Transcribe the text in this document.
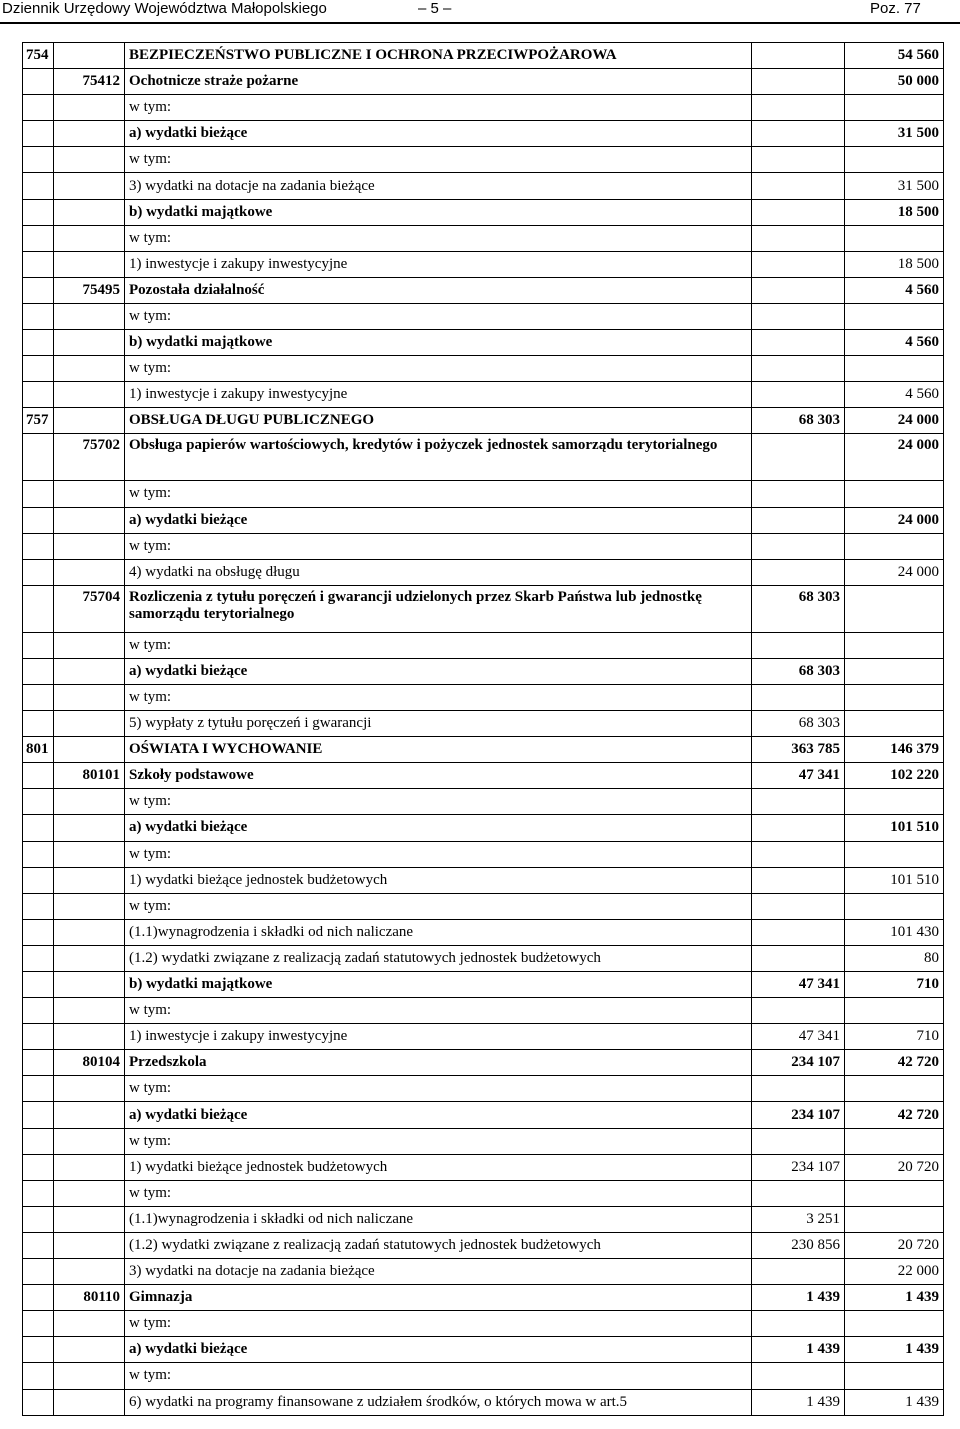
Dziennik Urzędowy Województwa Małopolskiego	– 5 –	Poz. 77
754		BEZPIECZEŃSTWO PUBLICZNE I OCHRONA PRZECIWPOŻAROWA		54 560
	75412	Ochotnicze straże pożarne		50 000
		w tym:		
		a) wydatki bieżące		31 500
		w tym:		
		3) wydatki na dotacje na zadania bieżące		31 500
		b) wydatki majątkowe		18 500
		w tym:		
		1) inwestycje i zakupy inwestycyjne		18 500
	75495	Pozostała działalność		4 560
		w tym:		
		b) wydatki majątkowe		4 560
		w tym:		
		1) inwestycje i zakupy inwestycyjne		4 560
757		OBSŁUGA DŁUGU PUBLICZNEGO	68 303	24 000

	75702	Obsługa papierów wartościowych, kredytów i pożyczek jednostek samorządu terytorialnego		24 000

		w tym:		
		a) wydatki bieżące		24 000
		w tym:		
		4) wydatki na obsługę długu		24 000

	75704	Rozliczenia z tytułu poręczeń i gwarancji udzielonych przez Skarb Państwa lub jednostkę samorządu terytorialnego	68 303	

		w tym:		
		a) wydatki bieżące	68 303	
		w tym:		
		5) wypłaty z tytułu poręczeń i gwarancji	68 303	
801		OŚWIATA I WYCHOWANIE	363 785	146 379
	80101	Szkoły podstawowe	47 341	102 220
		w tym:		
		a) wydatki bieżące		101 510
		w tym:		
		1) wydatki bieżące jednostek budżetowych		101 510
		w tym:		
		(1.1)wynagrodzenia i składki od nich naliczane		101 430
		(1.2) wydatki związane z realizacją zadań statutowych jednostek budżetowych		80
		b) wydatki majątkowe	47 341	710
		w tym:		
		1) inwestycje i zakupy inwestycyjne	47 341	710
	80104	Przedszkola	234 107	42 720
		w tym:		
		a) wydatki bieżące	234 107	42 720
		w tym:		
		1) wydatki bieżące jednostek budżetowych	234 107	20 720
		w tym:		
		(1.1)wynagrodzenia i składki od nich naliczane	3 251	
		(1.2) wydatki związane z realizacją zadań statutowych jednostek budżetowych	230 856	20 720
		3) wydatki na dotacje na zadania bieżące		22 000
	80110	Gimnazja	1 439	1 439
		w tym:		
		a) wydatki bieżące	1 439	1 439
		w tym:		
		6) wydatki na programy finansowane z udziałem środków, o których mowa w art.5	1 439	1 439
